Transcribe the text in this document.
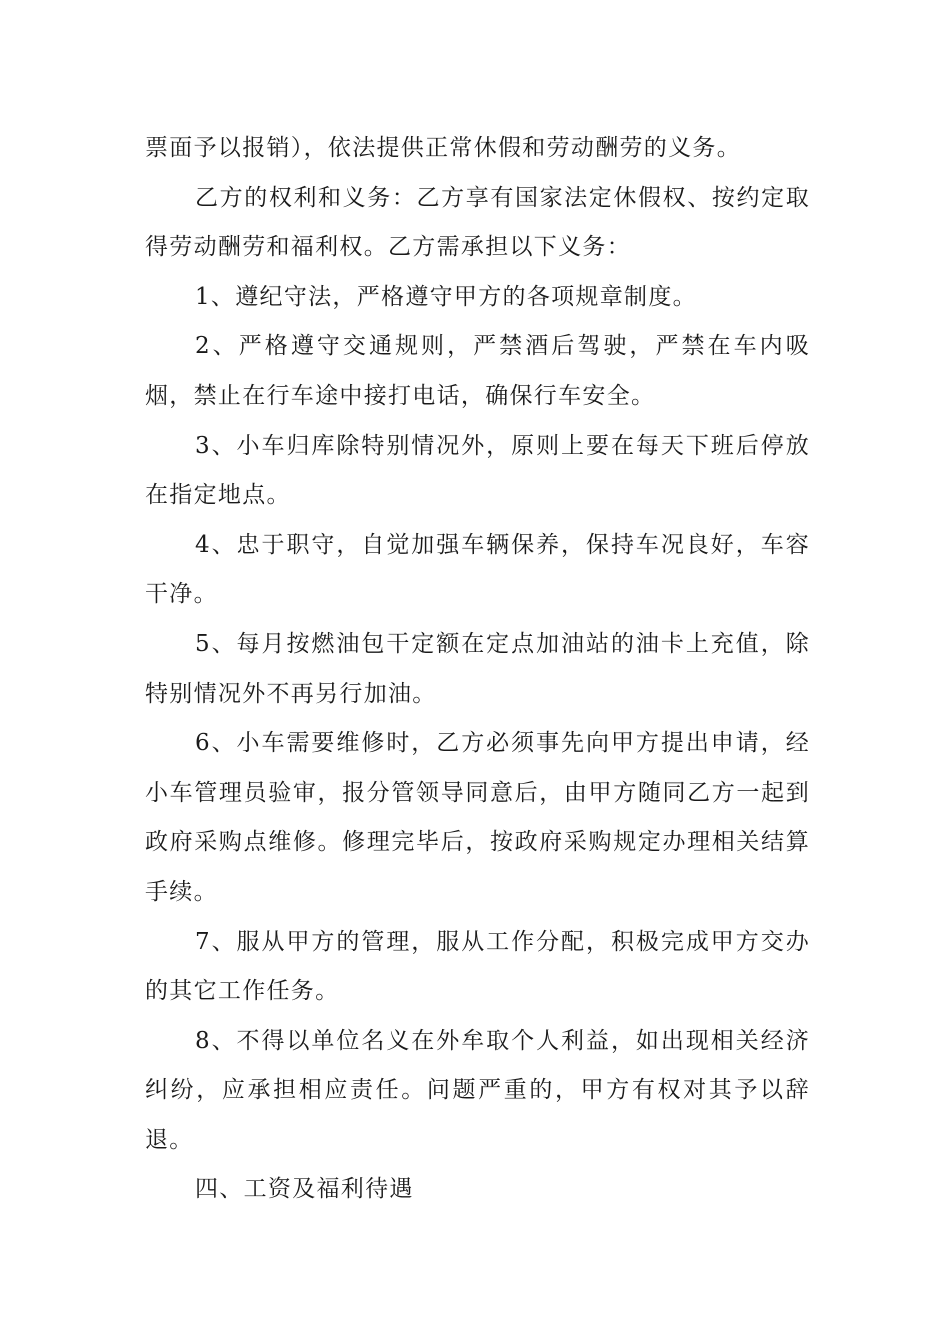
票面予以报销），依法提供正常休假和劳动酬劳的义务。

乙方的权利和义务：乙方享有国家法定休假权、按约定取得劳动酬劳和福利权。乙方需承担以下义务：

1、遵纪守法，严格遵守甲方的各项规章制度。

2、严格遵守交通规则，严禁酒后驾驶，严禁在车内吸烟，禁止在行车途中接打电话，确保行车安全。

3、小车归库除特别情况外，原则上要在每天下班后停放在指定地点。

4、忠于职守，自觉加强车辆保养，保持车况良好，车容干净。

5、每月按燃油包干定额在定点加油站的油卡上充值，除特别情况外不再另行加油。

6、小车需要维修时，乙方必须事先向甲方提出申请，经小车管理员验审，报分管领导同意后，由甲方随同乙方一起到政府采购点维修。修理完毕后，按政府采购规定办理相关结算手续。

7、服从甲方的管理，服从工作分配，积极完成甲方交办的其它工作任务。

8、不得以单位名义在外牟取个人利益，如出现相关经济纠纷，应承担相应责任。问题严重的，甲方有权对其予以辞退。

四、工资及福利待遇
